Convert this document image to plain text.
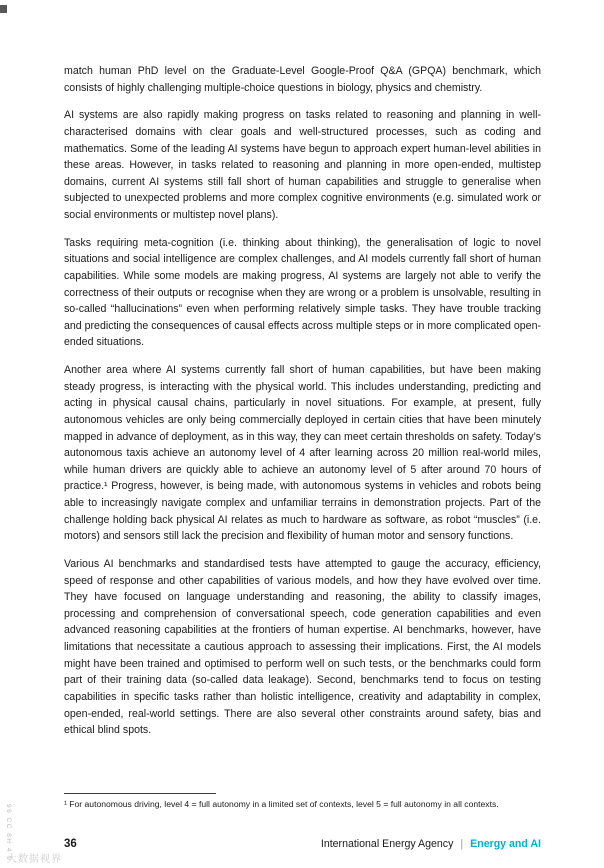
match human PhD level on the Graduate-Level Google-Proof Q&A (GPQA) benchmark, which consists of highly challenging multiple-choice questions in biology, physics and chemistry.

AI systems are also rapidly making progress on tasks related to reasoning and planning in well-characterised domains with clear goals and well-structured processes, such as coding and mathematics. Some of the leading AI systems have begun to approach expert human-level abilities in these areas. However, in tasks related to reasoning and planning in more open-ended, multistep domains, current AI systems still fall short of human capabilities and struggle to generalise when subjected to unexpected problems and more complex cognitive environments (e.g. simulated work or social environments or multistep novel plans).

Tasks requiring meta-cognition (i.e. thinking about thinking), the generalisation of logic to novel situations and social intelligence are complex challenges, and AI models currently fall short of human capabilities. While some models are making progress, AI systems are largely not able to verify the correctness of their outputs or recognise when they are wrong or a problem is unsolvable, resulting in so-called “hallucinations” even when performing relatively simple tasks. They have trouble tracking and predicting the consequences of causal effects across multiple steps or in more complicated open-ended situations.

Another area where AI systems currently fall short of human capabilities, but have been making steady progress, is interacting with the physical world. This includes understanding, predicting and acting in physical causal chains, particularly in novel situations. For example, at present, fully autonomous vehicles are only being commercially deployed in certain cities that have been minutely mapped in advance of deployment, as in this way, they can meet certain thresholds on safety. Today’s autonomous taxis achieve an autonomy level of 4 after learning across 20 million real-world miles, while human drivers are quickly able to achieve an autonomy level of 5 after around 70 hours of practice.¹ Progress, however, is being made, with autonomous systems in vehicles and robots being able to increasingly navigate complex and unfamiliar terrains in demonstration projects. Part of the challenge holding back physical AI relates as much to hardware as software, as robot “muscles” (i.e. motors) and sensors still lack the precision and flexibility of human motor and sensory functions.

Various AI benchmarks and standardised tests have attempted to gauge the accuracy, efficiency, speed of response and other capabilities of various models, and how they have evolved over time. They have focused on language understanding and reasoning, the ability to classify images, processing and comprehension of conversational speech, code generation capabilities and even advanced reasoning capabilities at the frontiers of human expertise. AI benchmarks, however, have limitations that necessitate a cautious approach to assessing their implications. First, the AI models might have been trained and optimised to perform well on such tests, or the benchmarks could form part of their training data (so-called data leakage). Second, benchmarks tend to focus on testing capabilities in specific tasks rather than holistic intelligence, creativity and adaptability in complex, open-ended, real-world settings. There are also several other constraints around safety, bias and ethical blind spots.

¹ For autonomous driving, level 4 = full autonomy in a limited set of contexts, level 5 = full autonomy in all contexts.

36	International Energy Agency | Energy and AI
96 CC 8H 4 9
大数据视界
